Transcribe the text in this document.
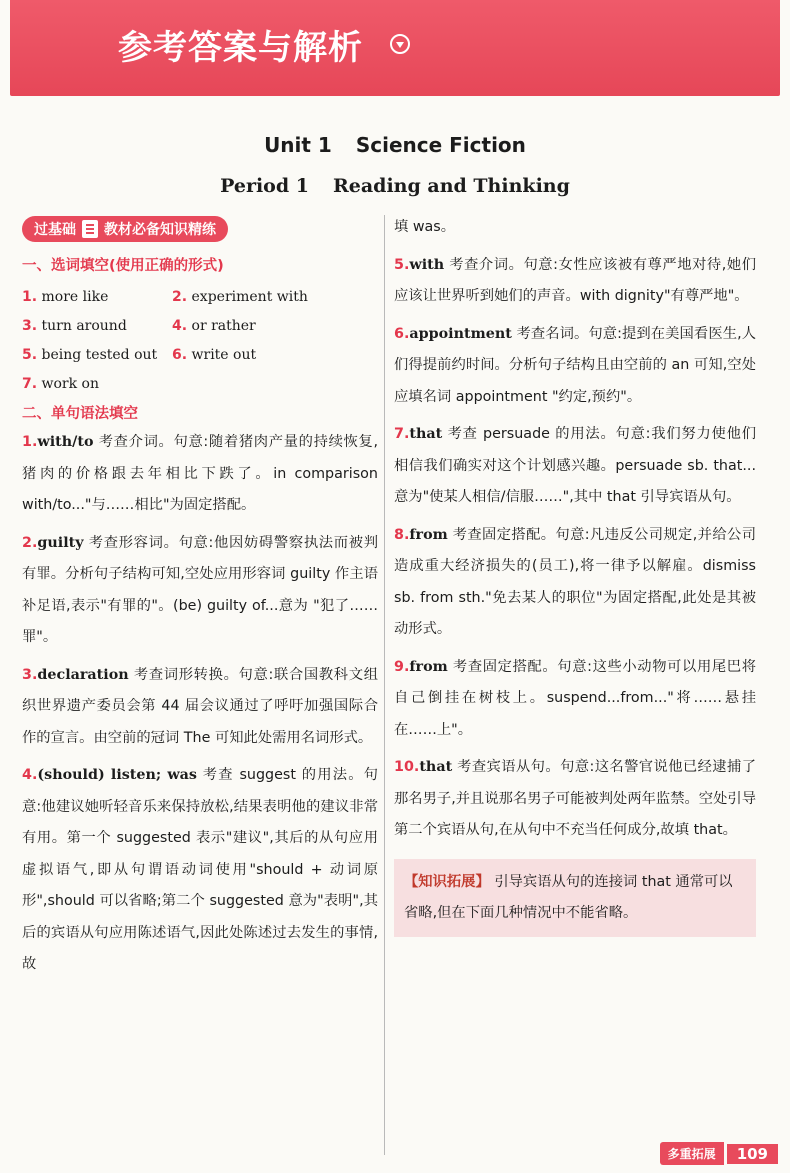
参考答案与解析
Unit 1 Science Fiction
Period 1 Reading and Thinking
过基础 教材必备知识精练
一、选词填空(使用正确的形式)
1. more like	2. experiment with
3. turn around	4. or rather
5. being tested out	6. write out
7. work on
二、单句语法填空

1.with/to 考查介词。句意:随着猪肉产量的持续恢复,猪肉的价格跟去年相比下跌了。in comparison with/to..."与……相比"为固定搭配。

2.guilty 考查形容词。句意:他因妨碍警察执法而被判有罪。分析句子结构可知,空处应用形容词 guilty 作主语补足语,表示"有罪的"。(be) guilty of...意为 "犯了……罪"。

3.declaration 考查词形转换。句意:联合国教科文组织世界遗产委员会第 44 届会议通过了呼吁加强国际合作的宣言。由空前的冠词 The 可知此处需用名词形式。

4.(should) listen; was 考查 suggest 的用法。句意:他建议她听轻音乐来保持放松,结果表明他的建议非常有用。第一个 suggested 表示"建议",其后的从句应用虚拟语气,即从句谓语动词使用"should + 动词原形",should 可以省略;第二个 suggested 意为"表明",其后的宾语从句应用陈述语气,因此处陈述过去发生的事情,故

填 was。

5.with 考查介词。句意:女性应该被有尊严地对待,她们应该让世界听到她们的声音。with dignity"有尊严地"。

6.appointment 考查名词。句意:提到在美国看医生,人们得提前约时间。分析句子结构且由空前的 an 可知,空处应填名词 appointment "约定,预约"。

7.that 考查 persuade 的用法。句意:我们努力使他们相信我们确实对这个计划感兴趣。persuade sb. that...意为"使某人相信/信服……",其中 that 引导宾语从句。

8.from 考查固定搭配。句意:凡违反公司规定,并给公司造成重大经济损失的(员工),将一律予以解雇。dismiss sb. from sth."免去某人的职位"为固定搭配,此处是其被动形式。

9.from 考查固定搭配。句意:这些小动物可以用尾巴将自己倒挂在树枝上。suspend...from..."将……悬挂在……上"。

10.that 考查宾语从句。句意:这名警官说他已经逮捕了那名男子,并且说那名男子可能被判处两年监禁。空处引导第二个宾语从句,在从句中不充当任何成分,故填 that。

【知识拓展】 引导宾语从句的连接词 that 通常可以省略,但在下面几种情况中不能省略。
多重拓展	109
